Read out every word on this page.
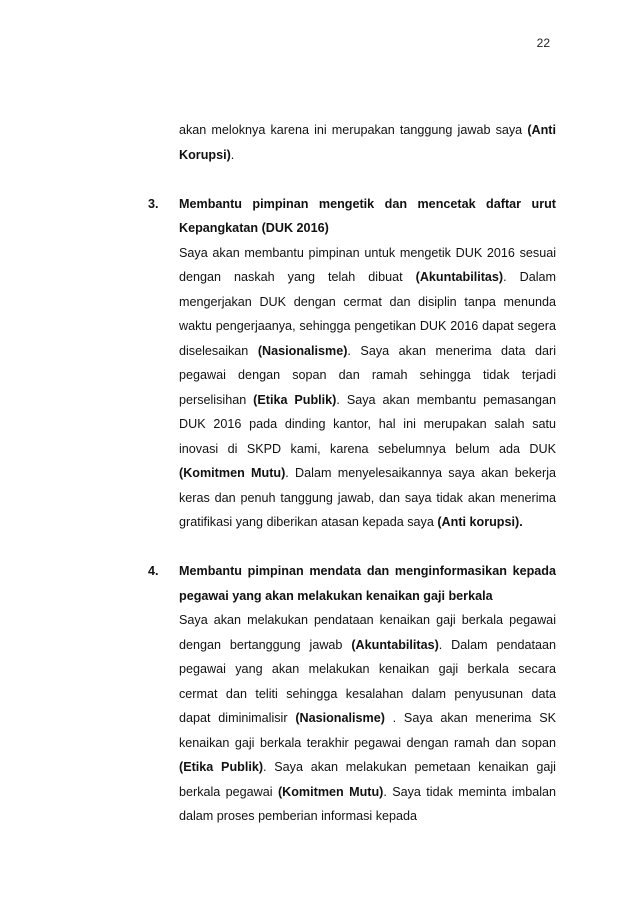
22

akan meloknya karena ini merupakan tanggung jawab saya (Anti Korupsi).

3. Membantu pimpinan mengetik dan mencetak daftar urut Kepangkatan (DUK 2016)

Saya akan membantu pimpinan untuk mengetik DUK 2016 sesuai dengan naskah yang telah dibuat (Akuntabilitas). Dalam mengerjakan DUK dengan cermat dan disiplin tanpa menunda waktu pengerjaanya, sehingga pengetikan DUK 2016 dapat segera diselesaikan (Nasionalisme). Saya akan menerima data dari pegawai dengan sopan dan ramah sehingga tidak terjadi perselisihan (Etika Publik). Saya akan membantu pemasangan DUK 2016 pada dinding kantor, hal ini merupakan salah satu inovasi di SKPD kami, karena sebelumnya belum ada DUK (Komitmen Mutu). Dalam menyelesaikannya saya akan bekerja keras dan penuh tanggung jawab, dan saya tidak akan menerima gratifikasi yang diberikan atasan kepada saya (Anti korupsi).

4. Membantu pimpinan mendata dan menginformasikan kepada pegawai yang akan melakukan kenaikan gaji berkala

Saya akan melakukan pendataan kenaikan gaji berkala pegawai dengan bertanggung jawab (Akuntabilitas). Dalam pendataan pegawai yang akan melakukan kenaikan gaji berkala secara cermat dan teliti sehingga kesalahan dalam penyusunan data dapat diminimalisir (Nasionalisme) . Saya akan menerima SK kenaikan gaji berkala terakhir pegawai dengan ramah dan sopan (Etika Publik). Saya akan melakukan pemetaan kenaikan gaji berkala pegawai (Komitmen Mutu). Saya tidak meminta imbalan dalam proses pemberian informasi kepada
